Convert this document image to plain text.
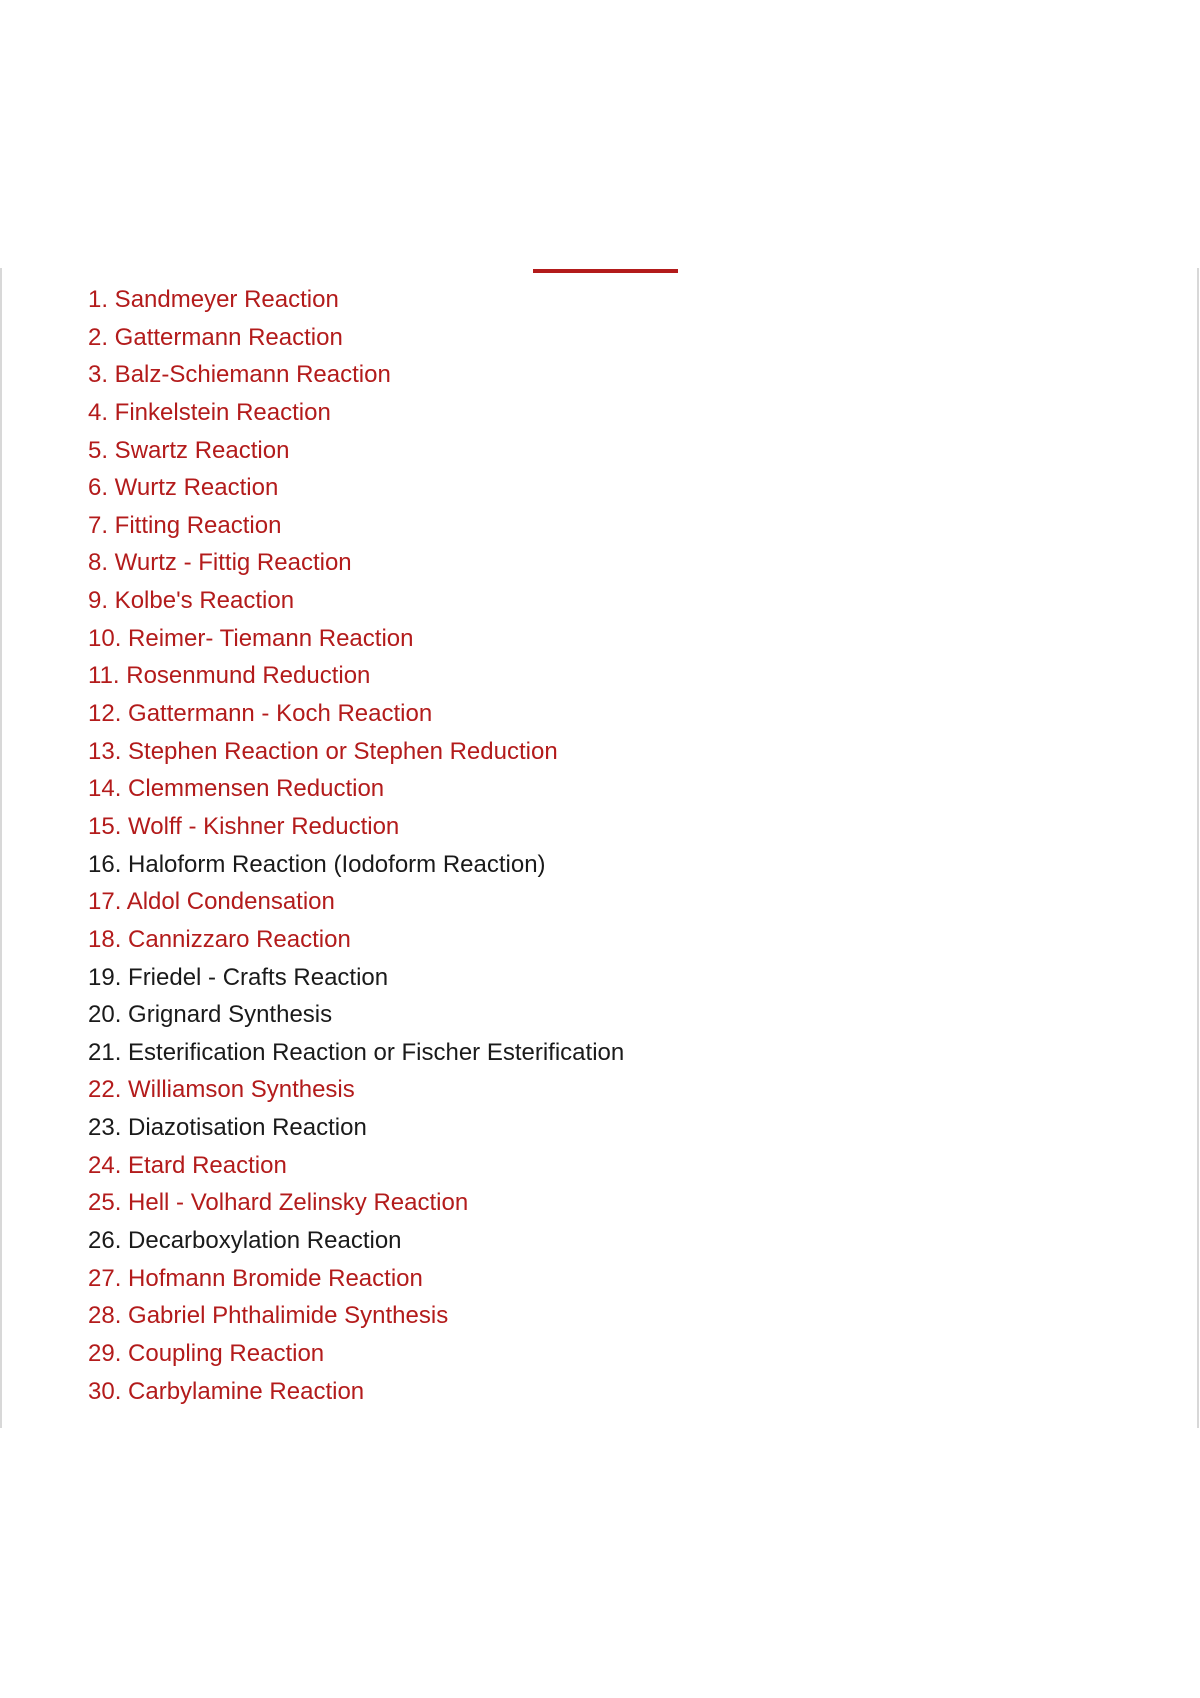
1. Sandmeyer Reaction
2. Gattermann Reaction
3. Balz-Schiemann Reaction
4. Finkelstein Reaction
5. Swartz Reaction
6. Wurtz Reaction
7. Fitting Reaction
8. Wurtz - Fittig Reaction
9. Kolbe's Reaction
10. Reimer- Tiemann Reaction
11. Rosenmund Reduction
12. Gattermann - Koch Reaction
13. Stephen Reaction or Stephen Reduction
14. Clemmensen Reduction
15. Wolff - Kishner Reduction
16. Haloform Reaction (Iodoform Reaction)
17. Aldol Condensation
18. Cannizzaro Reaction
19. Friedel - Crafts Reaction
20. Grignard Synthesis
21. Esterification Reaction or Fischer Esterification
22. Williamson Synthesis
23. Diazotisation Reaction
24. Etard Reaction
25. Hell - Volhard Zelinsky Reaction
26. Decarboxylation Reaction
27. Hofmann Bromide Reaction
28. Gabriel Phthalimide Synthesis
29. Coupling Reaction
30. Carbylamine Reaction
